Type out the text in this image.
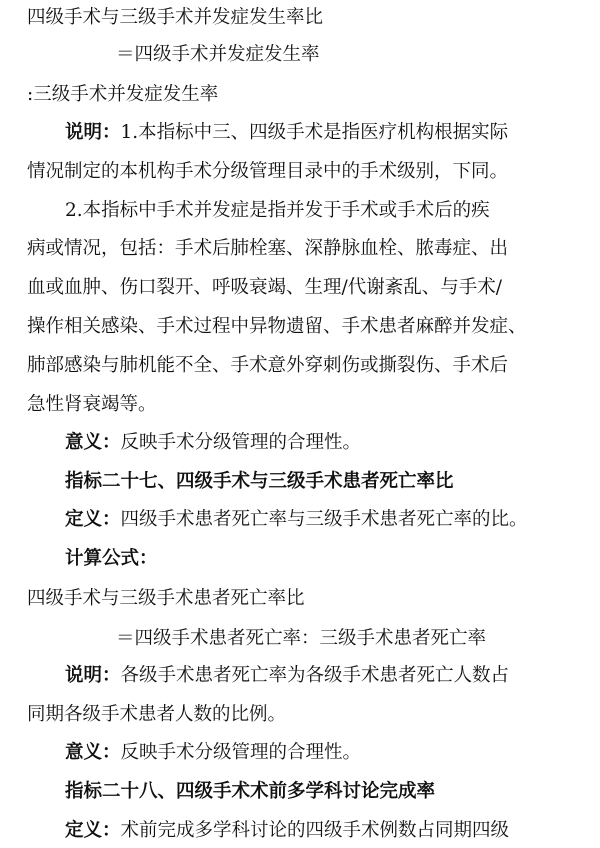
四级手术与三级手术并发症发生率比
＝四级手术并发症发生率
:三级手术并发症发生率
说明：1.本指标中三、四级手术是指医疗机构根据实际
情况制定的本机构手术分级管理目录中的手术级别，下同。
2.本指标中手术并发症是指并发于手术或手术后的疾
病或情况，包括：手术后肺栓塞、深静脉血栓、脓毒症、出
血或血肿、伤口裂开、呼吸衰竭、生理/代谢紊乱、与手术/
操作相关感染、手术过程中异物遗留、手术患者麻醉并发症、
肺部感染与肺机能不全、手术意外穿刺伤或撕裂伤、手术后
急性肾衰竭等。
意义：反映手术分级管理的合理性。
指标二十七、四级手术与三级手术患者死亡率比
定义：四级手术患者死亡率与三级手术患者死亡率的比。
计算公式：
四级手术与三级手术患者死亡率比
＝四级手术患者死亡率：三级手术患者死亡率
说明：各级手术患者死亡率为各级手术患者死亡人数占
同期各级手术患者人数的比例。
意义：反映手术分级管理的合理性。
指标二十八、四级手术术前多学科讨论完成率
定义：术前完成多学科讨论的四级手术例数占同期四级
